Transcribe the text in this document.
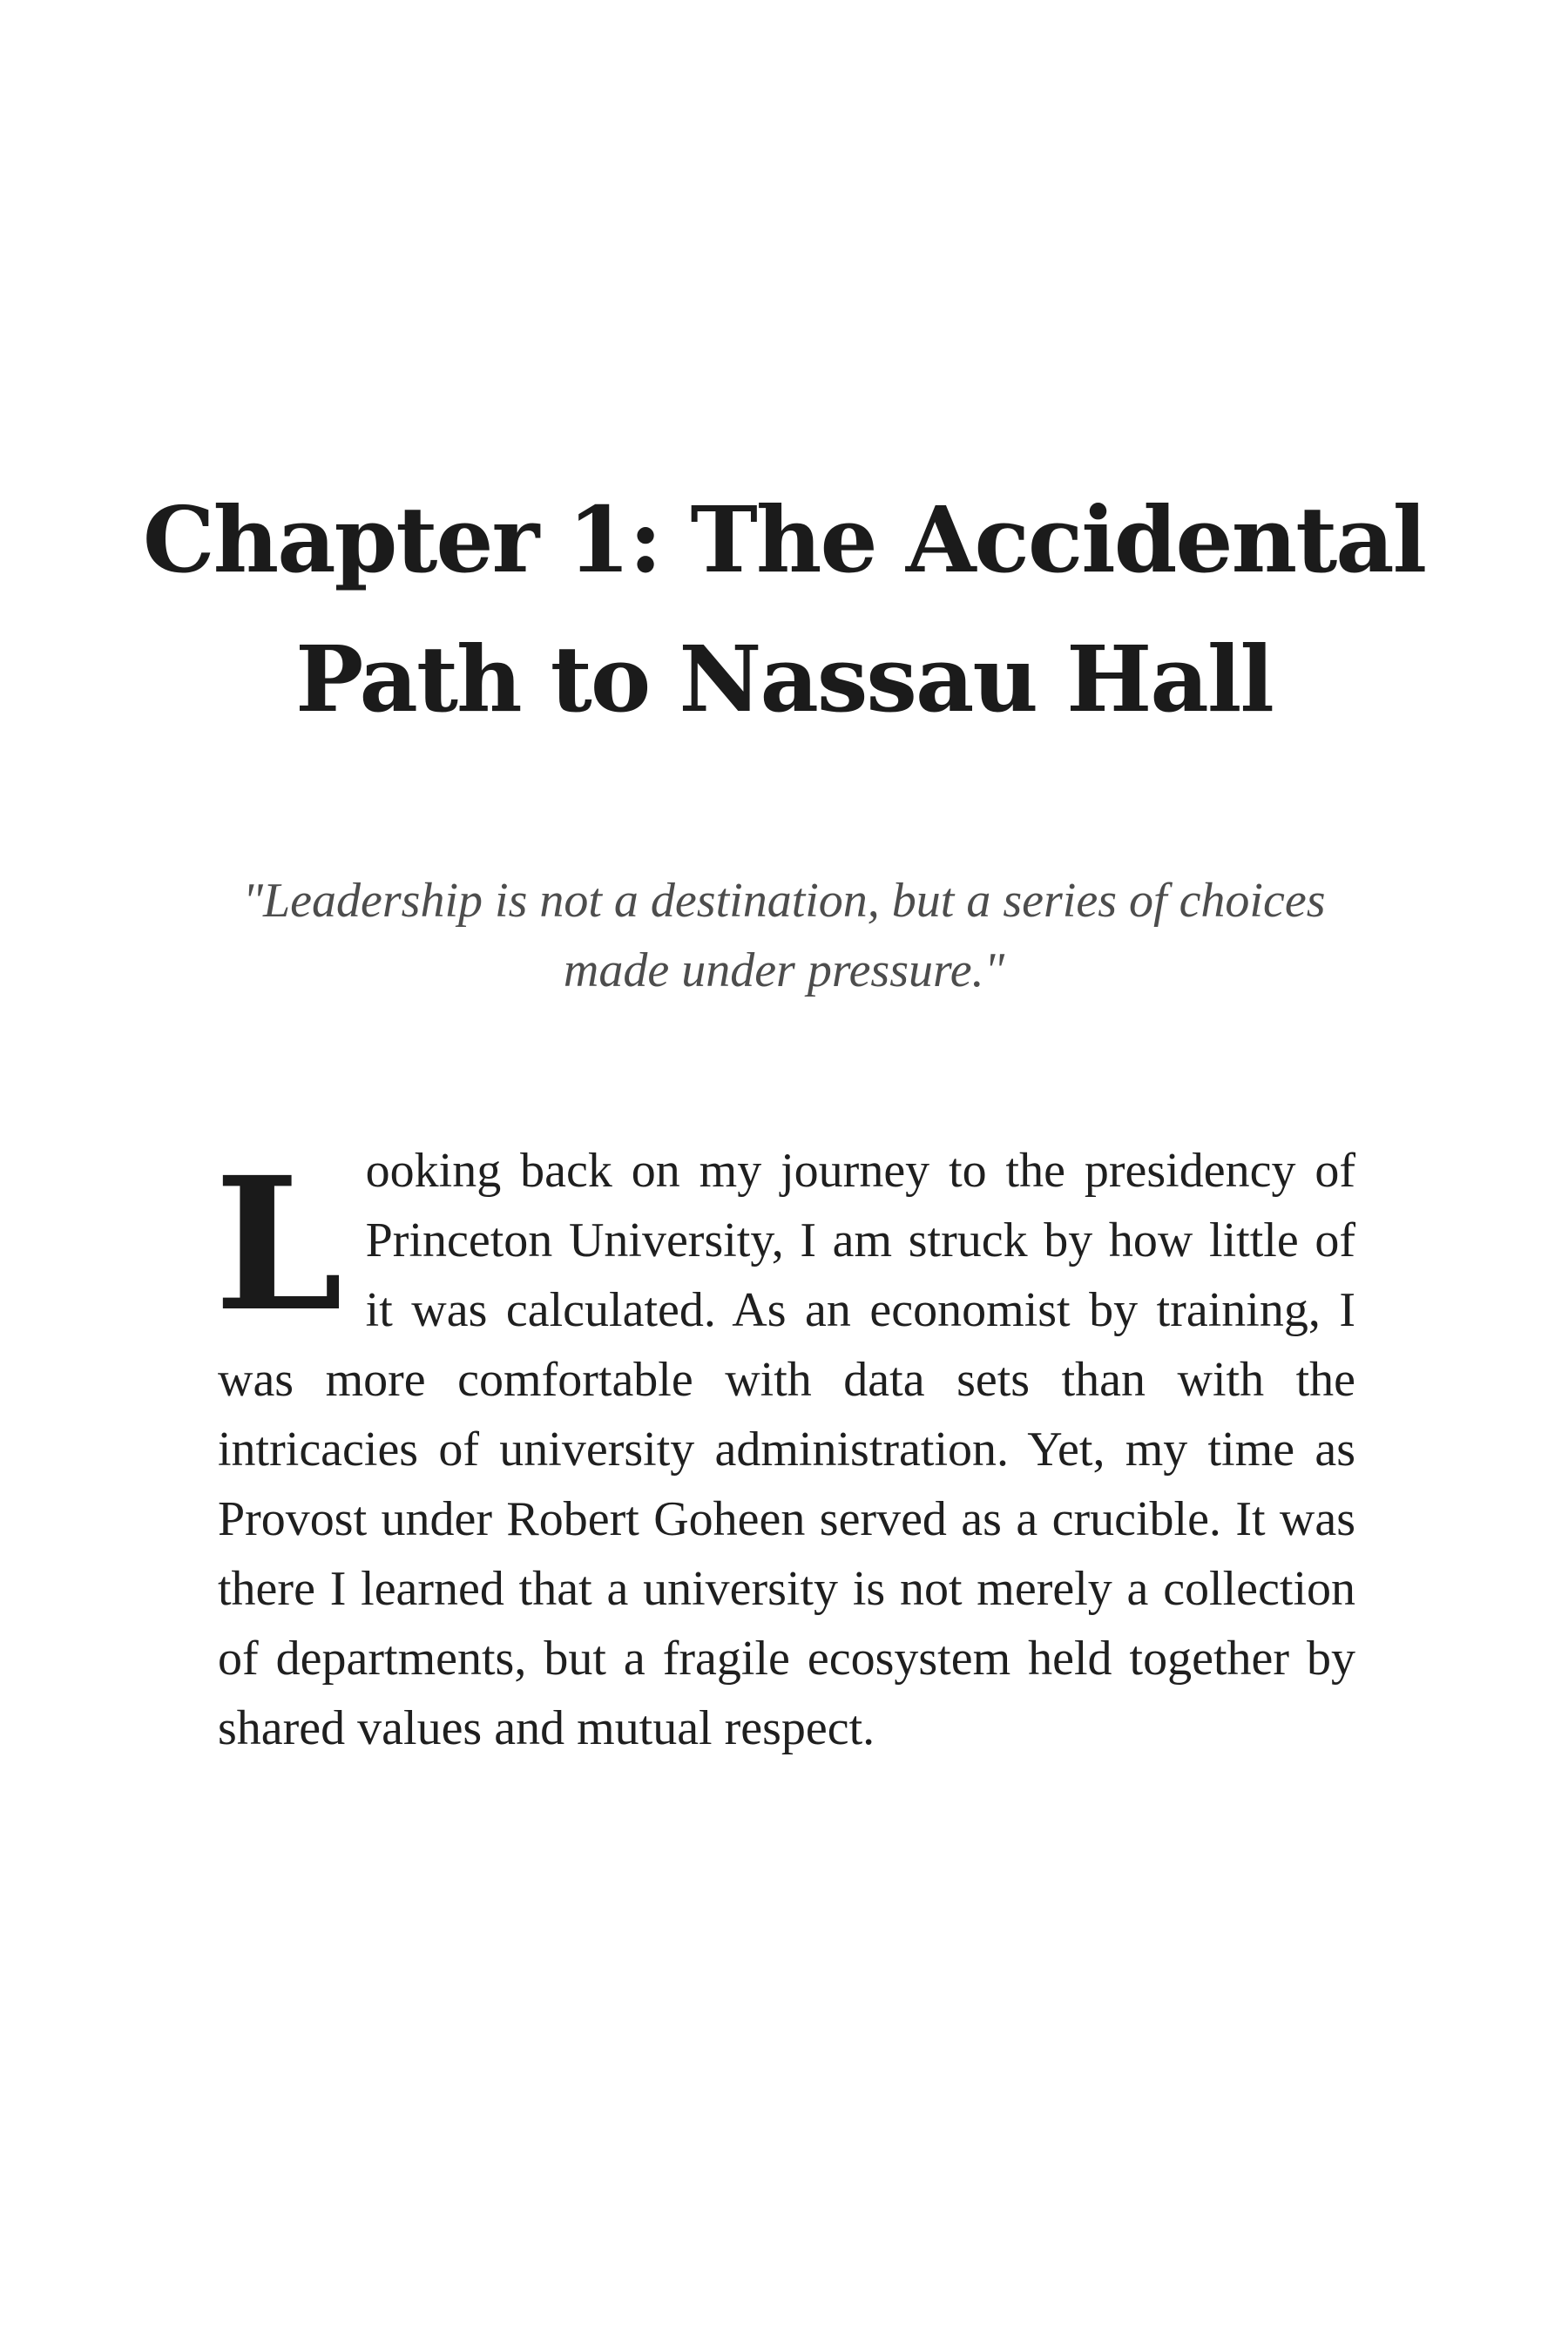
Chapter 1: The Accidental Path to Nassau Hall

"Leadership is not a destination, but a series of choices made under pressure."

Looking back on my journey to the presidency of Princeton University, I am struck by how little of it was calculated. As an economist by training, I was more comfortable with data sets than with the intricacies of university administration. Yet, my time as Provost under Robert Goheen served as a crucible. It was there I learned that a university is not merely a collection of departments, but a fragile ecosystem held together by shared values and mutual respect.
